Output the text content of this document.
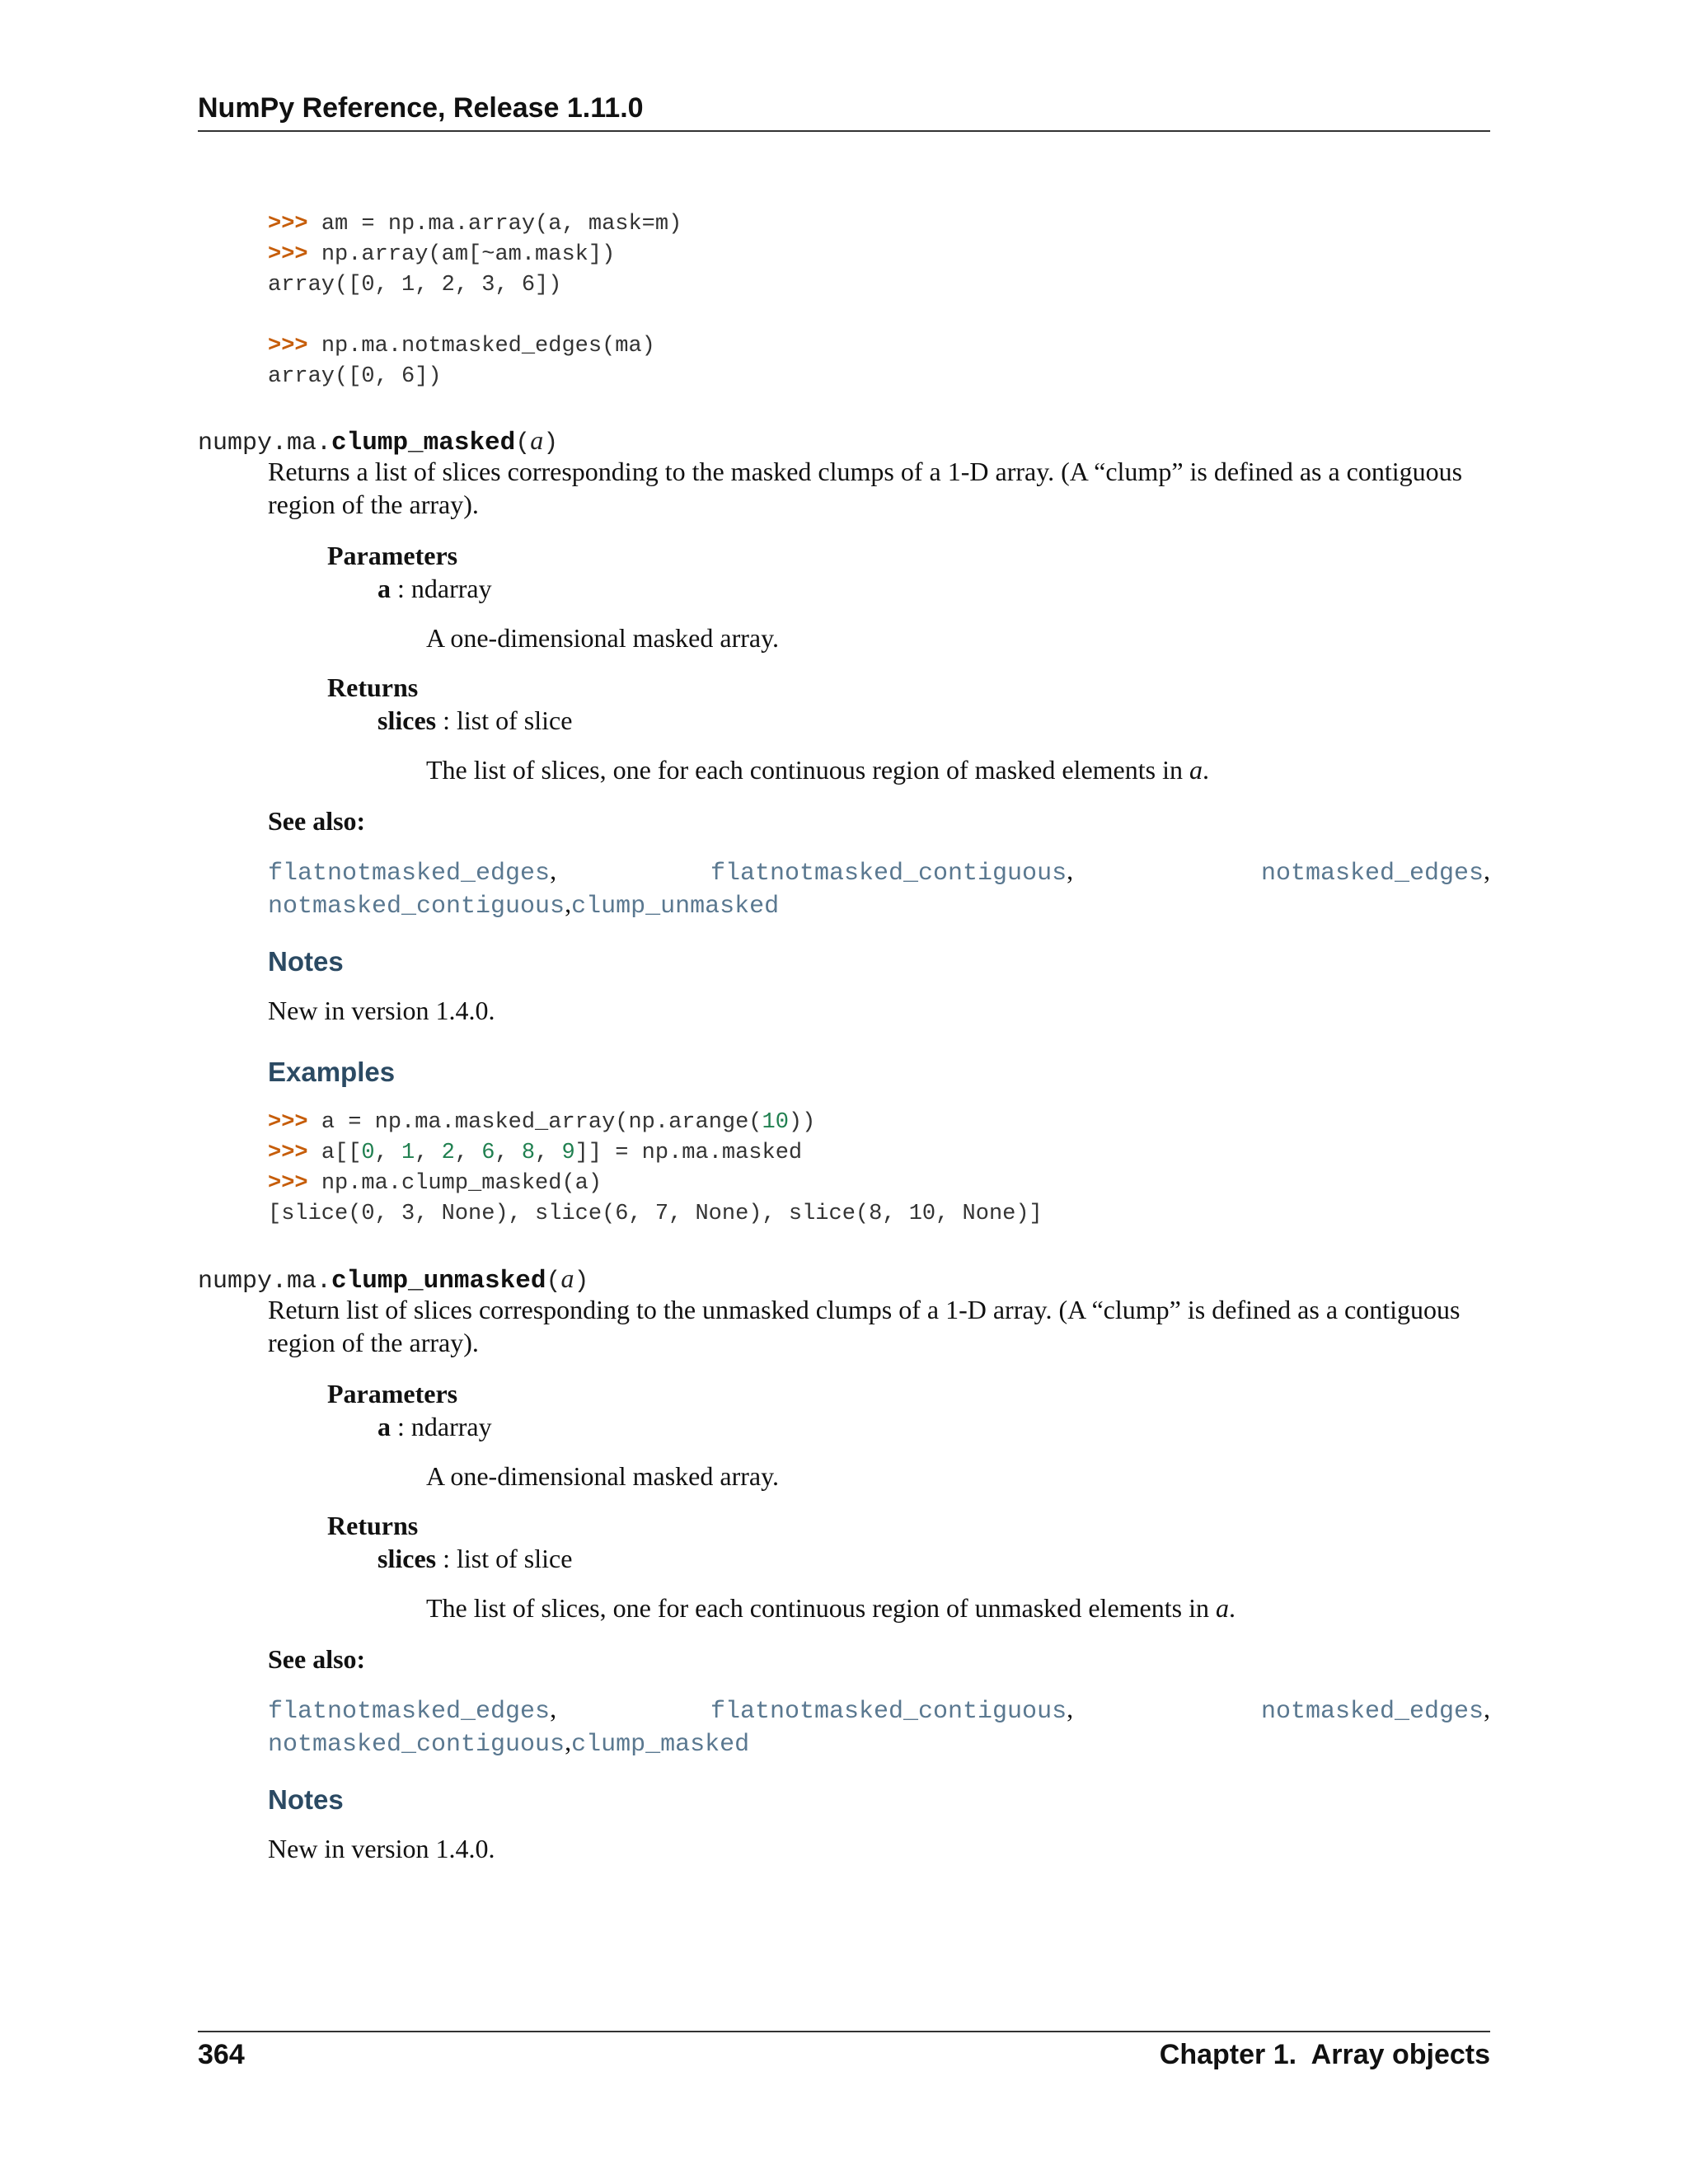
NumPy Reference, Release 1.11.0
>>> am = np.ma.array(a, mask=m)
>>> np.array(am[~am.mask])
array([0, 1, 2, 3, 6])
>>> np.ma.notmasked_edges(ma)
array([0, 6])
numpy.ma.clump_masked(a)
Returns a list of slices corresponding to the masked clumps of a 1-D array. (A “clump” is defined as a contiguous
region of the array).
Parameters
a : ndarray
A one-dimensional masked array.
Returns
slices : list of slice
The list of slices, one for each continuous region of masked elements in a.
See also:
flatnotmasked_edges,	flatnotmasked_contiguous,	notmasked_edges,
notmasked_contiguous,clump_unmasked
Notes
New in version 1.4.0.
Examples
>>> a = np.ma.masked_array(np.arange(10))
>>> a[[0, 1, 2, 6, 8, 9]] = np.ma.masked
>>> np.ma.clump_masked(a)
[slice(0, 3, None), slice(6, 7, None), slice(8, 10, None)]
numpy.ma.clump_unmasked(a)
Return list of slices corresponding to the unmasked clumps of a 1-D array. (A “clump” is defined as a contiguous
region of the array).
Parameters
a : ndarray
A one-dimensional masked array.
Returns
slices : list of slice
The list of slices, one for each continuous region of unmasked elements in a.
See also:
flatnotmasked_edges,	flatnotmasked_contiguous,	notmasked_edges,
notmasked_contiguous,clump_masked
Notes
New in version 1.4.0.
364	Chapter 1.  Array objects
